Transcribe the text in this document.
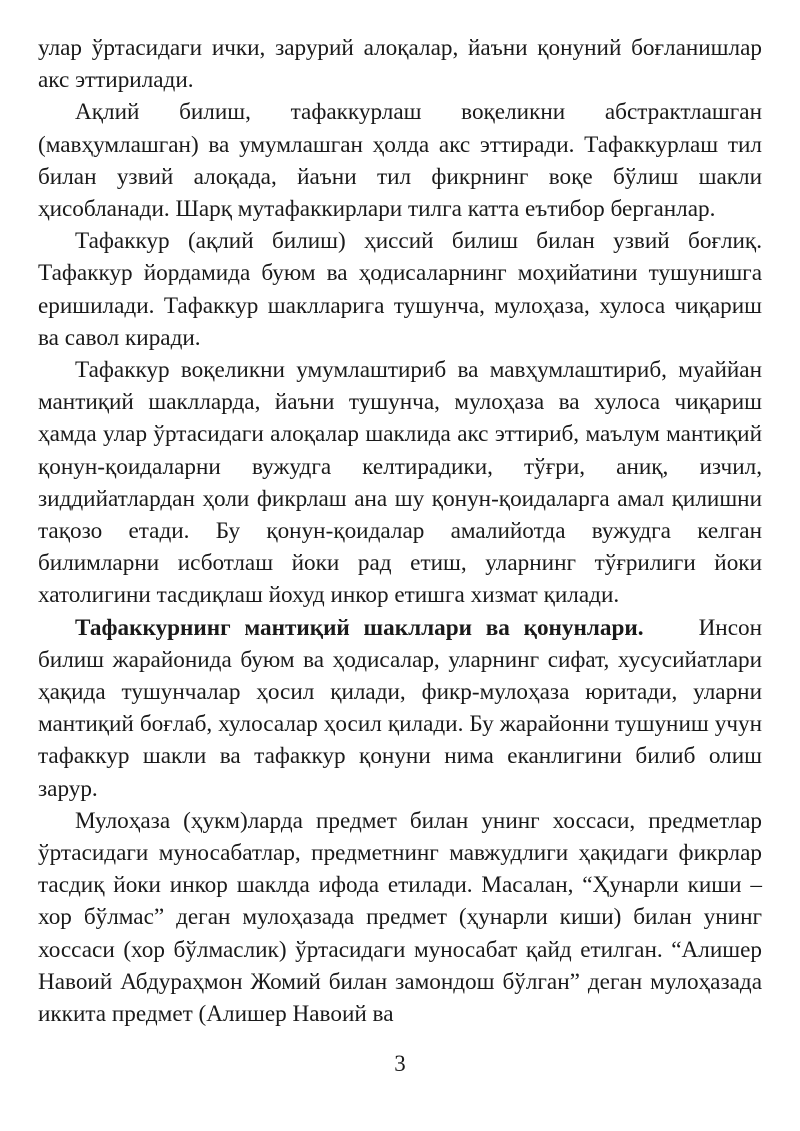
улар ўртасидаги ички, зарурий алоқалар, йаъни қонуний боғланишлар акс эттирилади.

Ақлий билиш, тафаккурлаш воқеликни абстрактлашган (мавҳумлашган) ва умумлашган ҳолда акс эттиради. Тафаккурлаш тил билан узвий алоқада, йаъни тил фикрнинг воқе бўлиш шакли ҳисобланади. Шарқ мутафаккирлари тилга катта еътибор берганлар.

Тафаккур (ақлий билиш) ҳиссий билиш билан узвий боғлиқ. Тафаккур йордамида буюм ва ҳодисаларнинг моҳийатини тушунишга еришилади. Тафаккур шаклларига тушунча, мулоҳаза, хулоса чиқариш ва савол киради.

Тафаккур воқеликни умумлаштириб ва мавҳумлаштириб, муаййан мантиқий шаклларда, йаъни тушунча, мулоҳаза ва хулоса чиқариш ҳамда улар ўртасидаги алоқалар шаклида акс эттириб, маълум мантиқий қонун-қоидаларни вужудга келтирадики, тўғри, аниқ, изчил, зиддийатлардан ҳоли фикрлаш ана шу қонун-қоидаларга амал қилишни тақозо етади. Бу қонун-қоидалар амалийотда вужудга келган билимларни исботлаш йоки рад етиш, уларнинг тўғрилиги йоки хатолигини тасдиқлаш йохуд инкор етишга хизмат қилади.

Тафаккурнинг мантиқий шакллари ва қонунлари. Инсон билиш жарайонида буюм ва ҳодисалар, уларнинг сифат, хусусийатлари ҳақида тушунчалар ҳосил қилади, фикр-мулоҳаза юритади, уларни мантиқий боғлаб, хулосалар ҳосил қилади. Бу жарайонни тушуниш учун тафаккур шакли ва тафаккур қонуни нима еканлигини билиб олиш зарур.

Мулоҳаза (ҳукм)ларда предмет билан унинг хоссаси, предметлар ўртасидаги муносабатлар, предметнинг мавжудлиги ҳақидаги фикрлар тасдиқ йоки инкор шаклда ифода етилади. Масалан, “Ҳунарли киши – хор бўлмас” деган мулоҳазада предмет (ҳунарли киши) билан унинг хоссаси (хор бўлмаслик) ўртасидаги муносабат қайд етилган. “Алишер Навоий Абдураҳмон Жомий билан замондош бўлган” деган мулоҳазада иккита предмет (Алишер Навоий ва

3
